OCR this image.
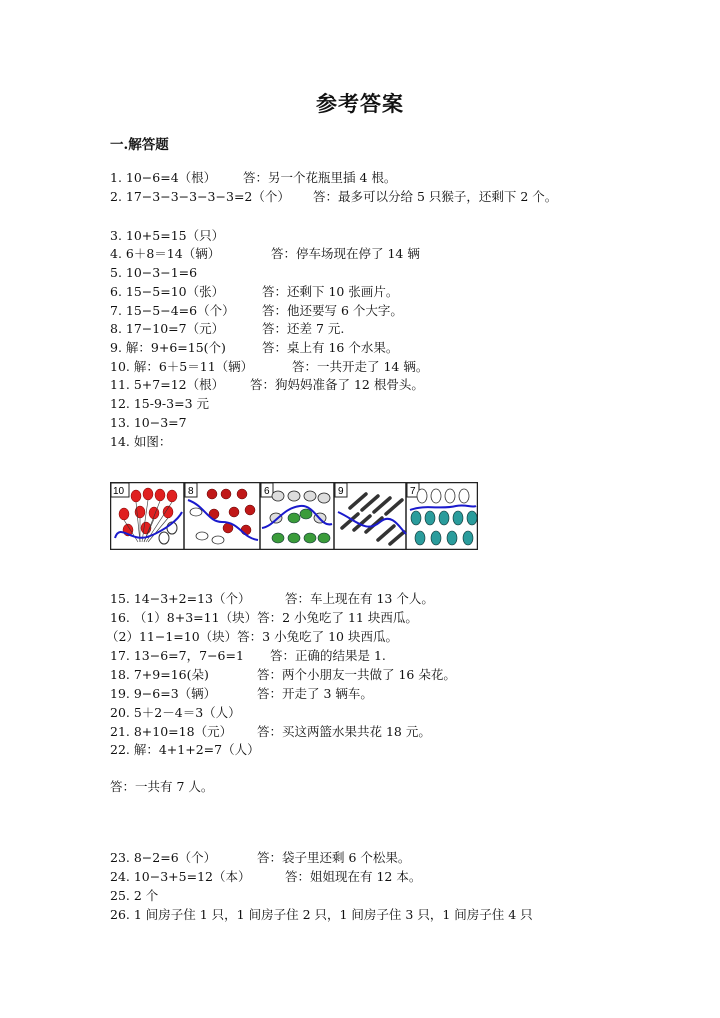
参考答案
一.解答题
1. 10−6=4（根） 答：另一个花瓶里插 4 根。
2. 17−3−3−3−3−3=2（个） 答：最多可以分给 5 只猴子，还剩下 2 个。
3. 10+5=15（只）
4. 6＋8＝14（辆）	答：停车场现在停了 14 辆
5. 10−3−1=6
6. 15−5=10（张）	答：还剩下 10 张画片。
7. 15−5−4=6（个） 答：他还要写 6 个大字。
8. 17−10=7（元）	答：还差 7 元.
9. 解：9+6=15(个)	答：桌上有 16 个水果。
10. 解：6＋5＝11（辆）	答：一共开走了 14 辆。
11. 5+7=12（根） 答：狗妈妈准备了 12 根骨头。
12. 15-9-3=3 元
13. 10−3=7
14. 如图：
10	8	6	9	7
15. 14−3+2=13（个）	答：车上现在有 13 个人。
16. （1）8+3=11（块）答：2 小兔吃了 11 块西瓜。
（2）11−1=10（块）答：3 小兔吃了 10 块西瓜。
17. 13−6=7，7−6=1 答：正确的结果是 1.
18. 7+9=16(朵)	答：两个小朋友一共做了 16 朵花。
19. 9−6=3（辆）	答：开走了 3 辆车。
20. 5＋2－4＝3（人）
21. 8+10=18（元） 答：买这两篮水果共花 18 元。
22. 解：4+1+2=7（人）
答：一共有 7 人。
23. 8−2=6（个）	答：袋子里还剩 6 个松果。
24. 10−3+5=12（本）	答：姐姐现在有 12 本。
25. 2 个
26. 1 间房子住 1 只，1 间房子住 2 只，1 间房子住 3 只，1 间房子住 4 只
